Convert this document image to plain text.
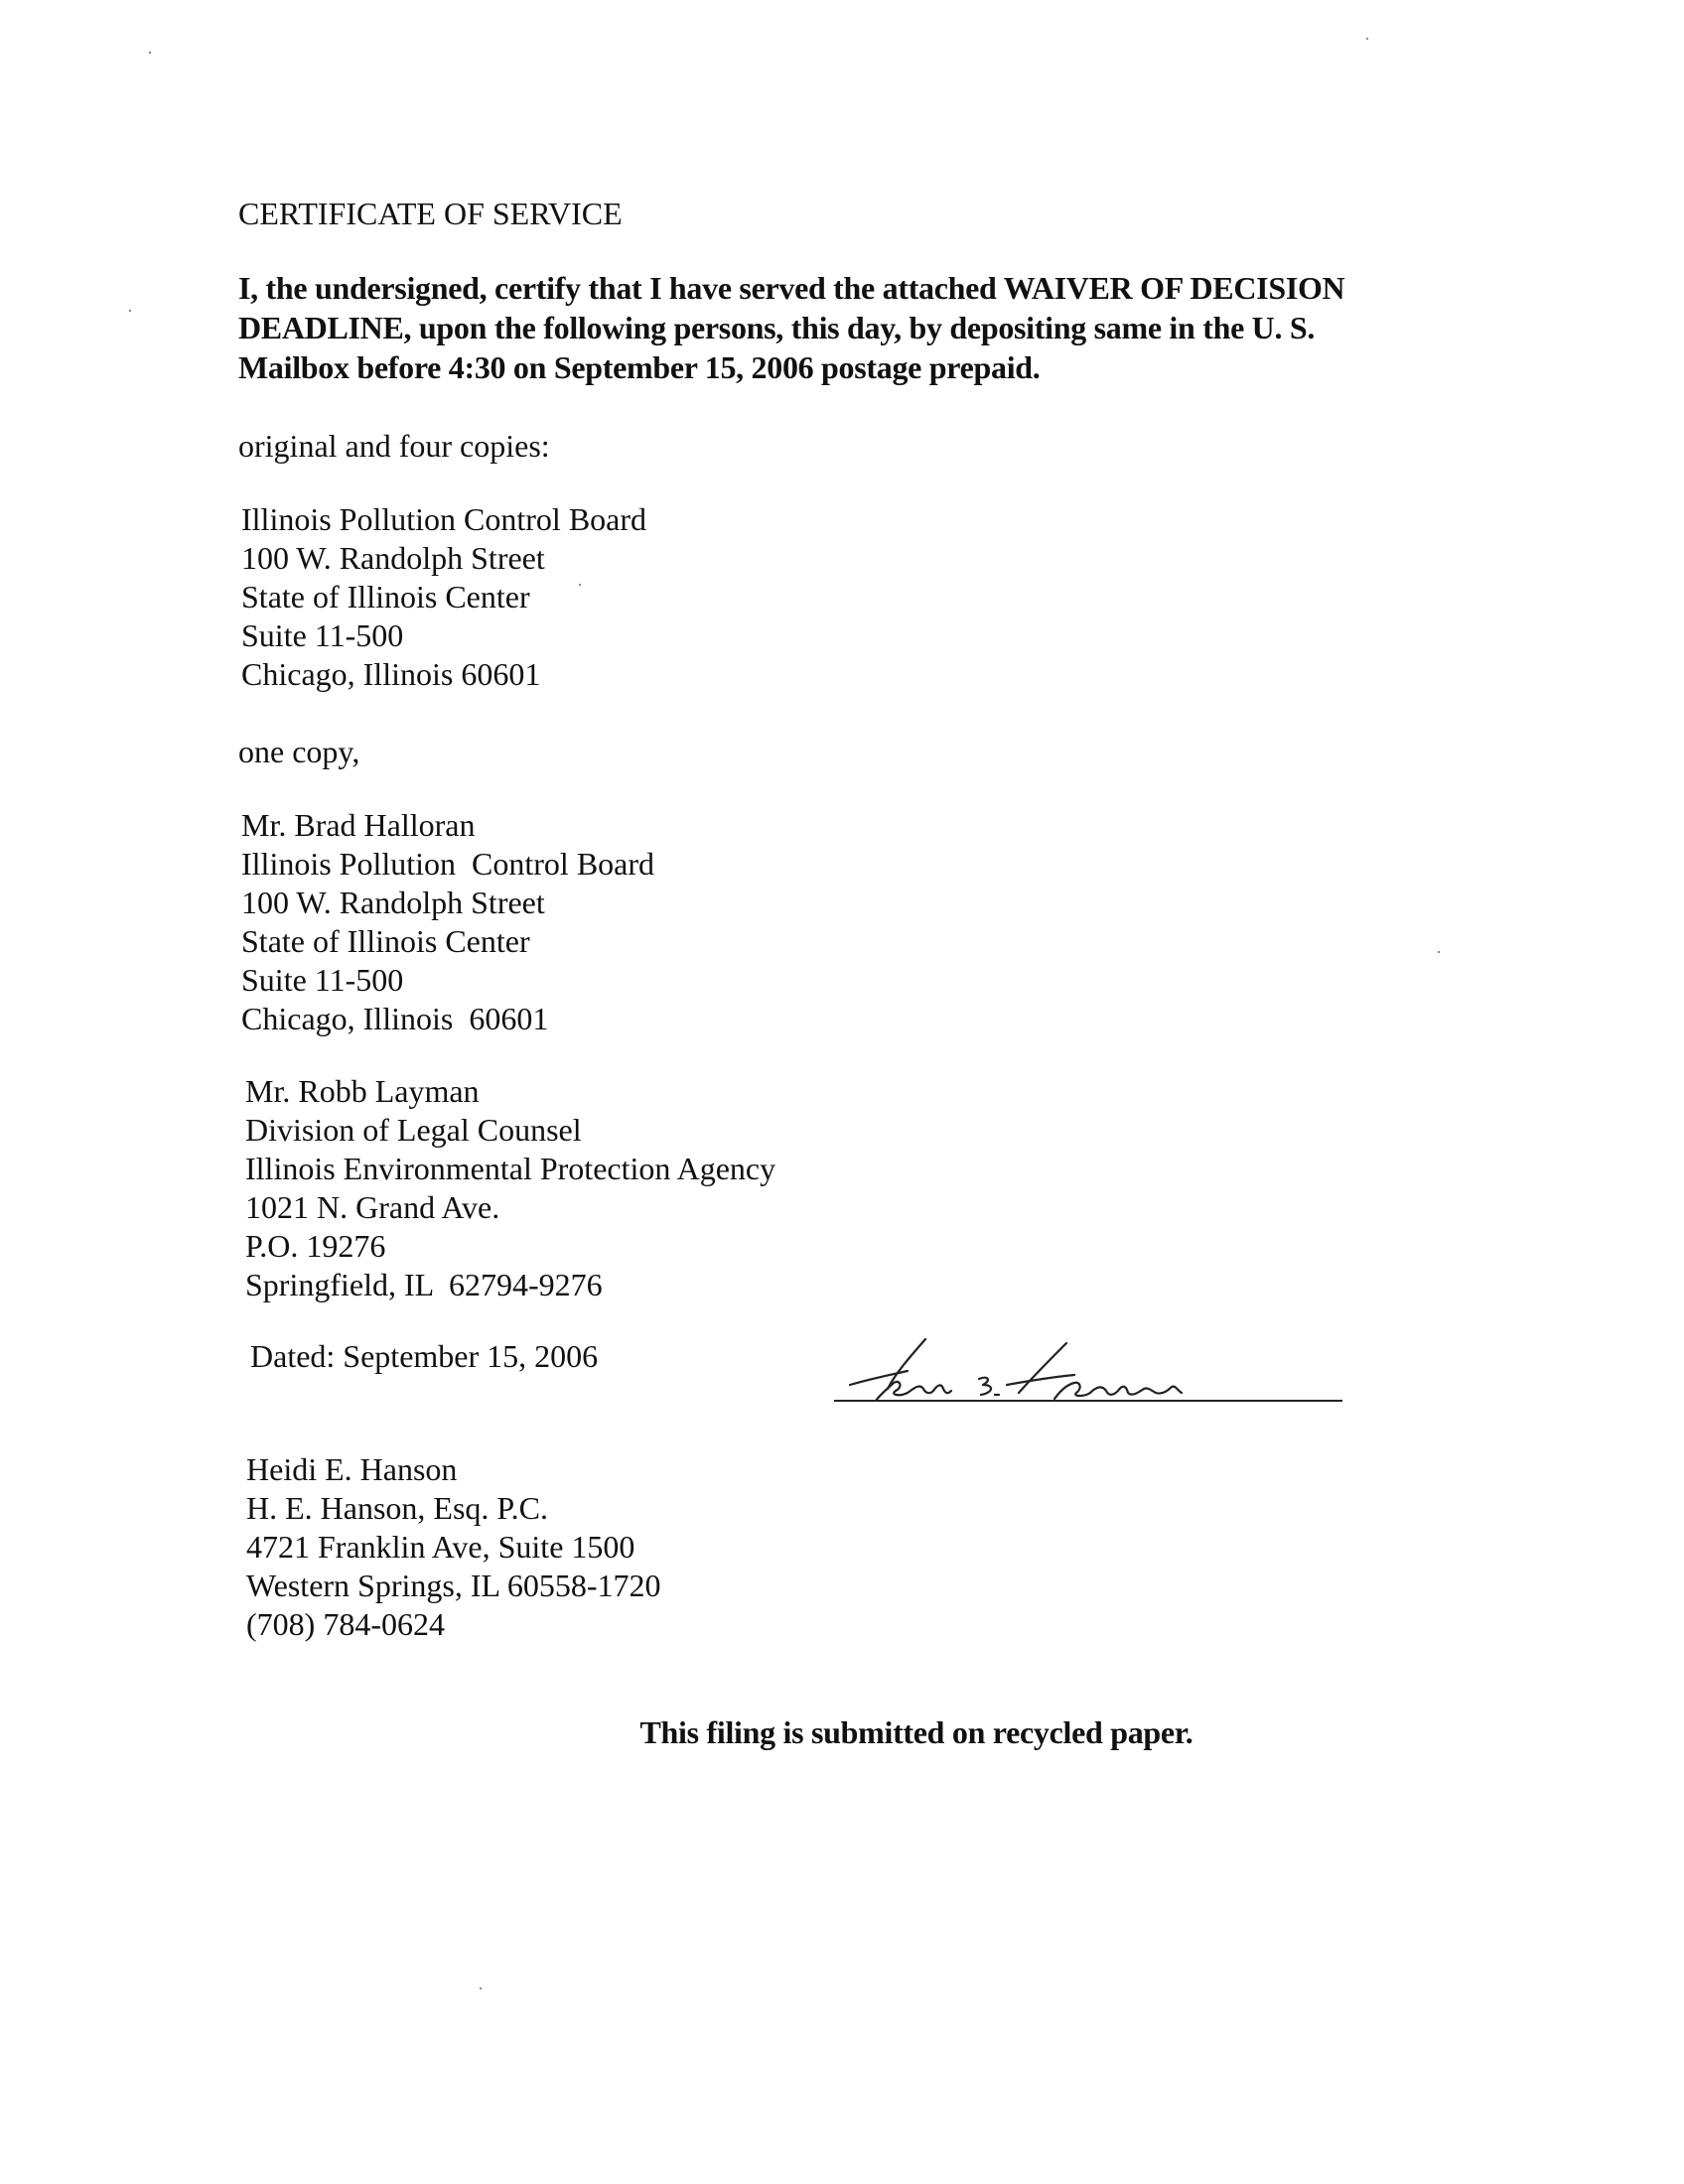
CERTIFICATE OF SERVICE
I, the undersigned, certify that I have served the attached WAIVER OF DECISION
DEADLINE, upon the following persons, this day, by depositing same in the U. S.
Mailbox before 4:30 on September 15, 2006 postage prepaid.
original and four copies:
Illinois Pollution Control Board
100 W. Randolph Street
State of Illinois Center
Suite 11-500
Chicago, Illinois 60601
one copy,
Mr. Brad Halloran
Illinois Pollution  Control Board
100 W. Randolph Street
State of Illinois Center
Suite 11-500
Chicago, Illinois  60601
Mr. Robb Layman
Division of Legal Counsel
Illinois Environmental Protection Agency
1021 N. Grand Ave.
P.O. 19276
Springfield, IL  62794-9276
Dated: September 15, 2006
Heidi E. Hanson
H. E. Hanson, Esq. P.C.
4721 Franklin Ave, Suite 1500
Western Springs, IL 60558-1720
(708) 784-0624
This filing is submitted on recycled paper.
